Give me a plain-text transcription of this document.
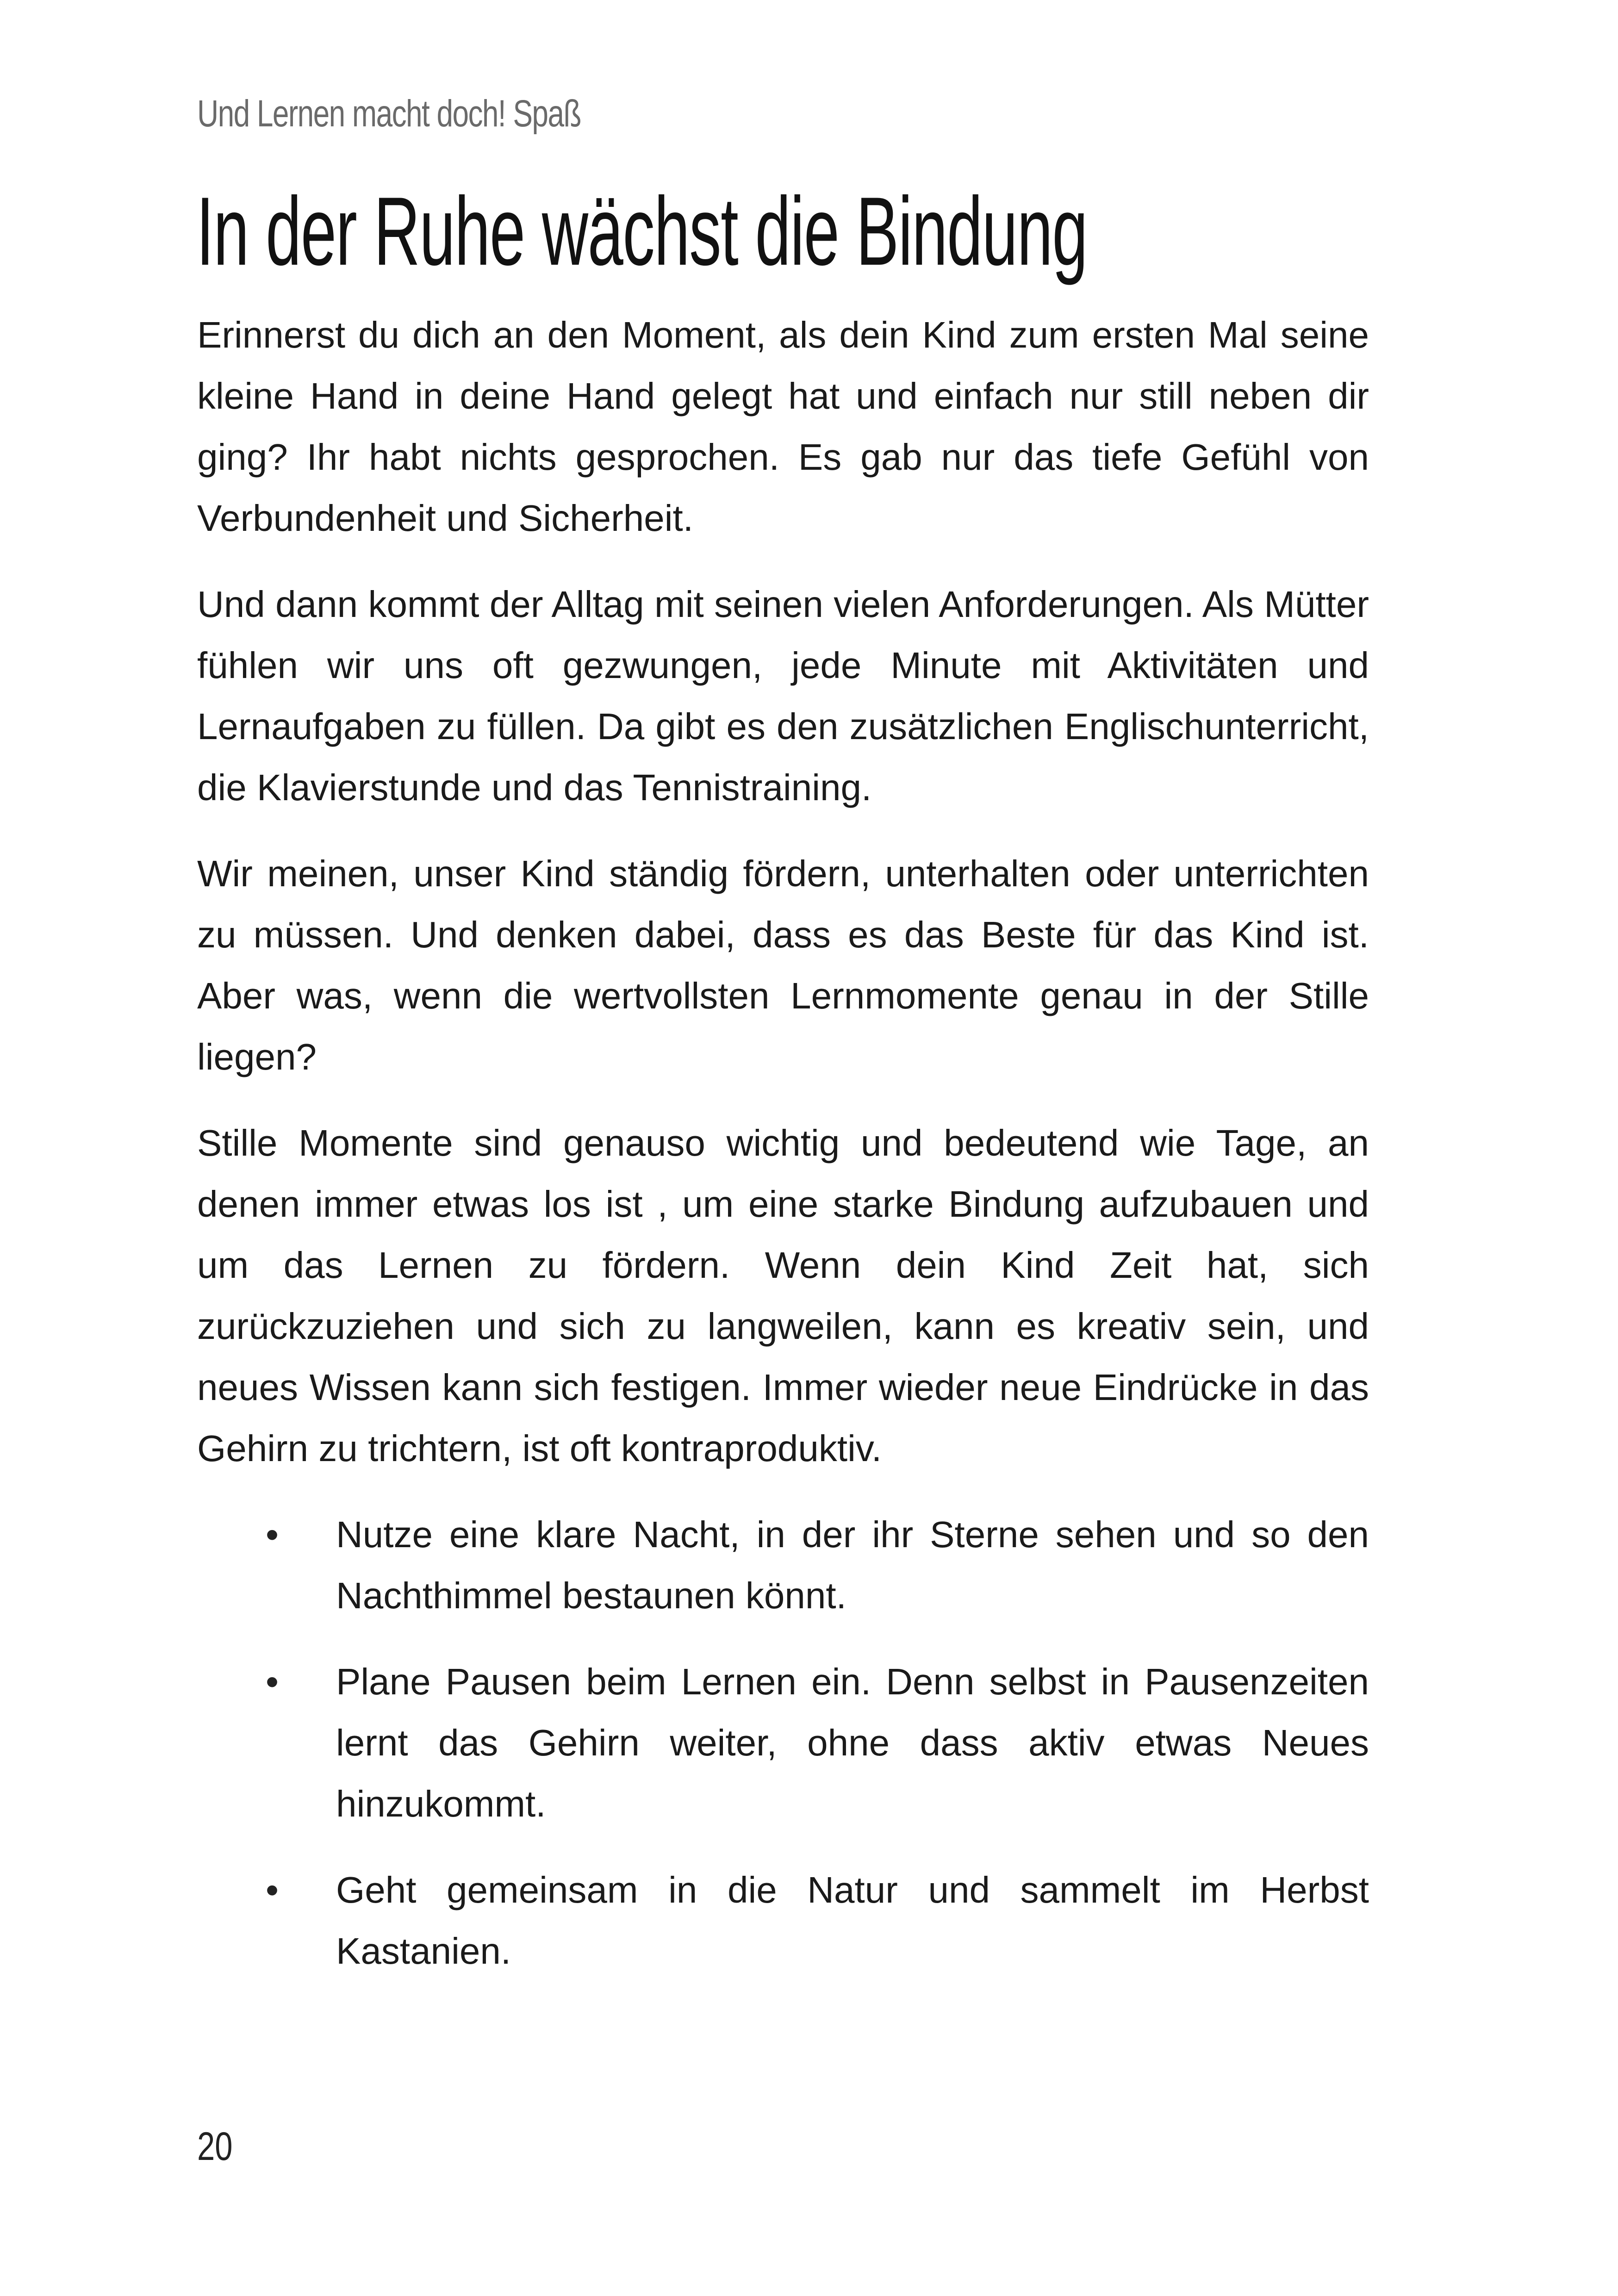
Und Lernen macht doch! Spaß
In der Ruhe wächst die Bindung

Erinnerst du dich an den Moment, als dein Kind zum ersten Mal seine kleine Hand in deine Hand gelegt hat und einfach nur still neben dir ging? Ihr habt nichts gesprochen. Es gab nur das tiefe Gefühl von Verbundenheit und Sicherheit.

Und dann kommt der Alltag mit seinen vielen Anforderungen. Als Mütter fühlen wir uns oft gezwungen, jede Minute mit Aktivitäten und Lernaufgaben zu füllen. Da gibt es den zusätzlichen Englischunterricht, die Klavierstunde und das Tennistraining.

Wir meinen, unser Kind ständig fördern, unterhalten oder unterrichten zu müssen. Und denken dabei, dass es das Beste für das Kind ist. Aber was, wenn die wertvollsten Lernmomente genau in der Stille liegen?

Stille Momente sind genauso wichtig und bedeutend wie Tage, an denen immer etwas los ist , um eine starke Bindung aufzubauen und um das Lernen zu fördern. Wenn dein Kind Zeit hat, sich zurückzuziehen und sich zu langweilen, kann es kreativ sein, und neues Wissen kann sich festigen. Immer wieder neue Eindrücke in das Gehirn zu trichtern, ist oft kontraproduktiv.

• Nutze eine klare Nacht, in der ihr Sterne sehen und so den Nachthimmel bestaunen könnt.
• Plane Pausen beim Lernen ein. Denn selbst in Pausenzeiten lernt das Gehirn weiter, ohne dass aktiv etwas Neues hinzukommt.
• Geht gemeinsam in die Natur und sammelt im Herbst Kastanien.
20
